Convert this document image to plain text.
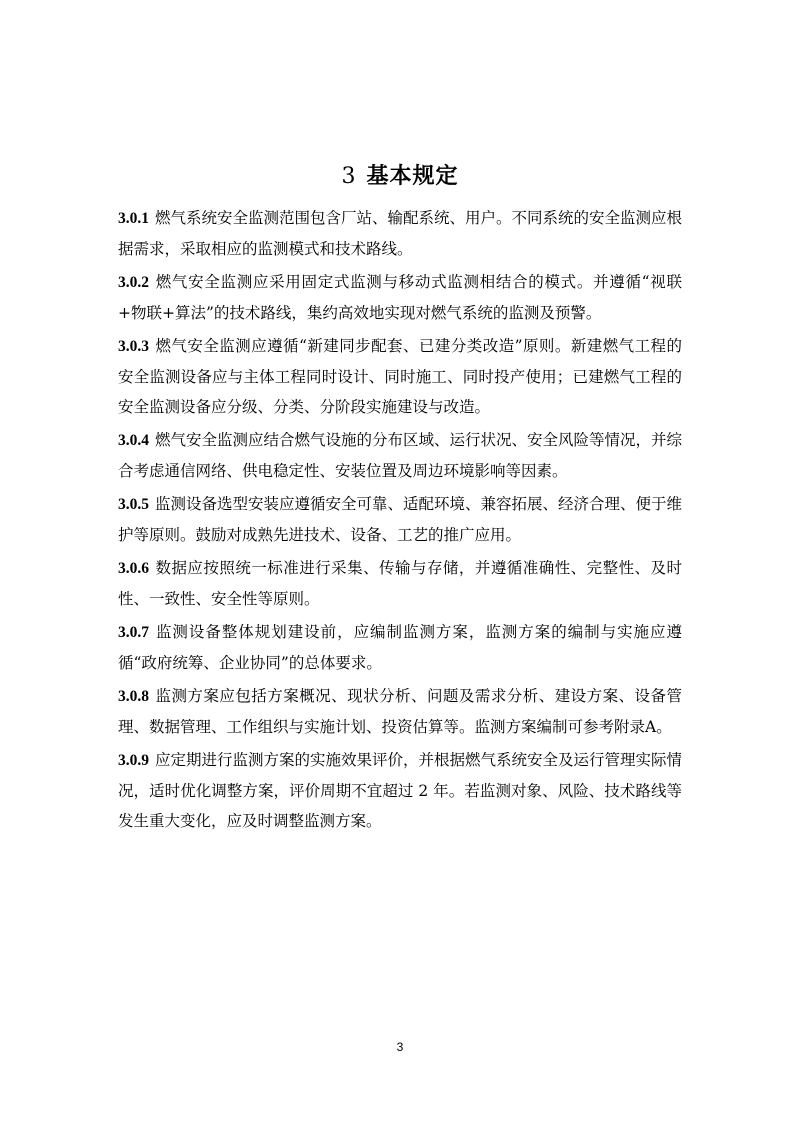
3 基本规定

3.0.1 燃气系统安全监测范围包含厂站、输配系统、用户。不同系统的安全监测应根据需求，采取相应的监测模式和技术路线。

3.0.2 燃气安全监测应采用固定式监测与移动式监测相结合的模式。并遵循“视联+物联+算法”的技术路线，集约高效地实现对燃气系统的监测及预警。

3.0.3 燃气安全监测应遵循“新建同步配套、已建分类改造”原则。新建燃气工程的安全监测设备应与主体工程同时设计、同时施工、同时投产使用；已建燃气工程的安全监测设备应分级、分类、分阶段实施建设与改造。

3.0.4 燃气安全监测应结合燃气设施的分布区域、运行状况、安全风险等情况，并综合考虑通信网络、供电稳定性、安装位置及周边环境影响等因素。

3.0.5 监测设备选型安装应遵循安全可靠、适配环境、兼容拓展、经济合理、便于维护等原则。鼓励对成熟先进技术、设备、工艺的推广应用。

3.0.6 数据应按照统一标准进行采集、传输与存储，并遵循准确性、完整性、及时性、一致性、安全性等原则。

3.0.7 监测设备整体规划建设前，应编制监测方案，监测方案的编制与实施应遵循“政府统筹、企业协同”的总体要求。

3.0.8 监测方案应包括方案概况、现状分析、问题及需求分析、建设方案、设备管理、数据管理、工作组织与实施计划、投资估算等。监测方案编制可参考附录A。

3.0.9 应定期进行监测方案的实施效果评价，并根据燃气系统安全及运行管理实际情况，适时优化调整方案，评价周期不宜超过 2 年。若监测对象、风险、技术路线等发生重大变化，应及时调整监测方案。

3
